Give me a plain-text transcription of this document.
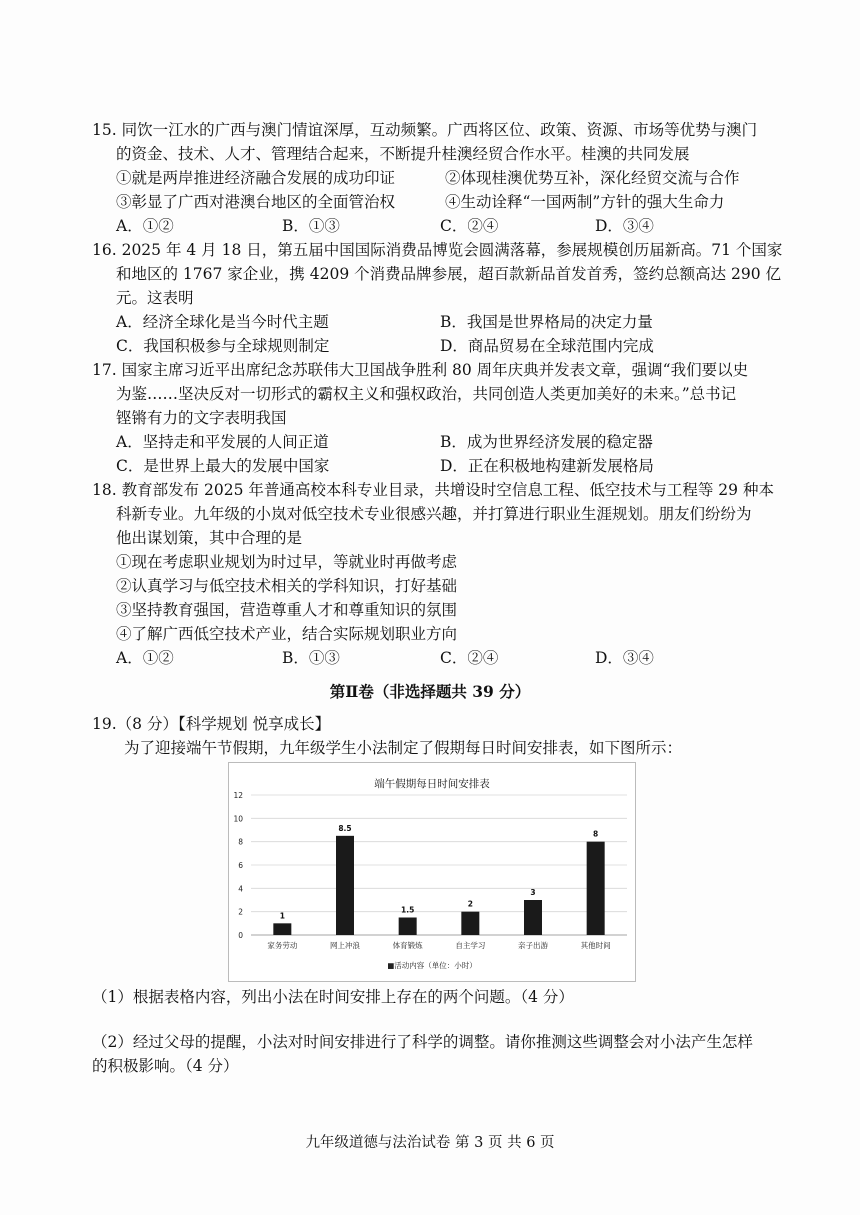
15. 同饮一江水的广西与澳门情谊深厚，互动频繁。广西将区位、政策、资源、市场等优势与澳门
的资金、技术、人才、管理结合起来，不断提升桂澳经贸合作水平。桂澳的共同发展
①就是两岸推进经济融合发展的成功印证	②体现桂澳优势互补，深化经贸交流与合作
③彰显了广西对港澳台地区的全面管治权	④生动诠释“一国两制”方针的强大生命力
A．①②	B．①③	C．②④	D．③④
16. 2025 年 4 月 18 日，第五届中国国际消费品博览会圆满落幕，参展规模创历届新高。71 个国家
和地区的 1767 家企业，携 4209 个消费品牌参展，超百款新品首发首秀，签约总额高达 290 亿
元。这表明
A．经济全球化是当今时代主题	B．我国是世界格局的决定力量
C．我国积极参与全球规则制定	D．商品贸易在全球范围内完成
17. 国家主席习近平出席纪念苏联伟大卫国战争胜利 80 周年庆典并发表文章，强调“我们要以史
为鉴……坚决反对一切形式的霸权主义和强权政治，共同创造人类更加美好的未来。”总书记
铿锵有力的文字表明我国
A．坚持走和平发展的人间正道	B．成为世界经济发展的稳定器
C．是世界上最大的发展中国家	D．正在积极地构建新发展格局
18. 教育部发布 2025 年普通高校本科专业目录，共增设时空信息工程、低空技术与工程等 29 种本
科新专业。九年级的小岚对低空技术专业很感兴趣，并打算进行职业生涯规划。朋友们纷纷为
他出谋划策，其中合理的是
①现在考虑职业规划为时过早，等就业时再做考虑
②认真学习与低空技术相关的学科知识，打好基础
③坚持教育强国，营造尊重人才和尊重知识的氛围
④了解广西低空技术产业，结合实际规划职业方向
A．①②	B．①③	C．②④	D．③④
第Ⅱ卷（非选择题共 39 分）
19.（8 分）【科学规划 悦享成长】
为了迎接端午节假期，九年级学生小法制定了假期每日时间安排表，如下图所示：
端午假期每日时间安排表
0
2
4
6
8
10
12
1
8.5
1.5
2
3
8
家务劳动	网上冲浪	体育锻炼	自主学习	亲子出游	其他时间
■活动内容（单位：小时）
（1）根据表格内容，列出小法在时间安排上存在的两个问题。（4 分）
（2）经过父母的提醒，小法对时间安排进行了科学的调整。请你推测这些调整会对小法产生怎样
的积极影响。（4 分）
九年级道德与法治试卷 第 3 页 共 6 页
